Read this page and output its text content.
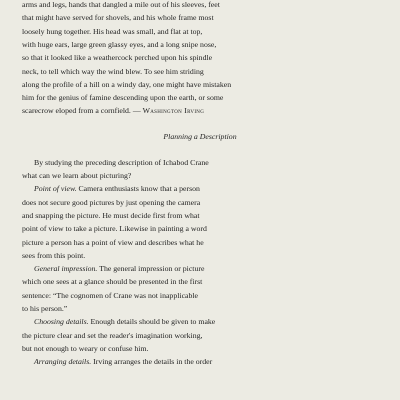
arms and legs, hands that dangled a mile out of his sleeves, feet
that might have served for shovels, and his whole frame most
loosely hung together. His head was small, and flat at top,
with huge ears, large green glassy eyes, and a long snipe nose,
so that it looked like a weathercock perched upon his spindle
neck, to tell which way the wind blew. To see him striding
along the profile of a hill on a windy day, one might have mistaken
him for the genius of famine descending upon the earth, or some
scarecrow eloped from a cornfield. — Washington Irving
Planning a Description
By studying the preceding description of Ichabod Crane
what can we learn about picturing?
Point of view. Camera enthusiasts know that a person
does not secure good pictures by just opening the camera
and snapping the picture. He must decide first from what
point of view to take a picture. Likewise in painting a word
picture a person has a point of view and describes what he
sees from this point.
General impression. The general impression or picture
which one sees at a glance should be presented in the first
sentence: “The cognomen of Crane was not inapplicable
to his person.”
Choosing details. Enough details should be given to make
the picture clear and set the reader's imagination working,
but not enough to weary or confuse him.
Arranging details. Irving arranges the details in the order
